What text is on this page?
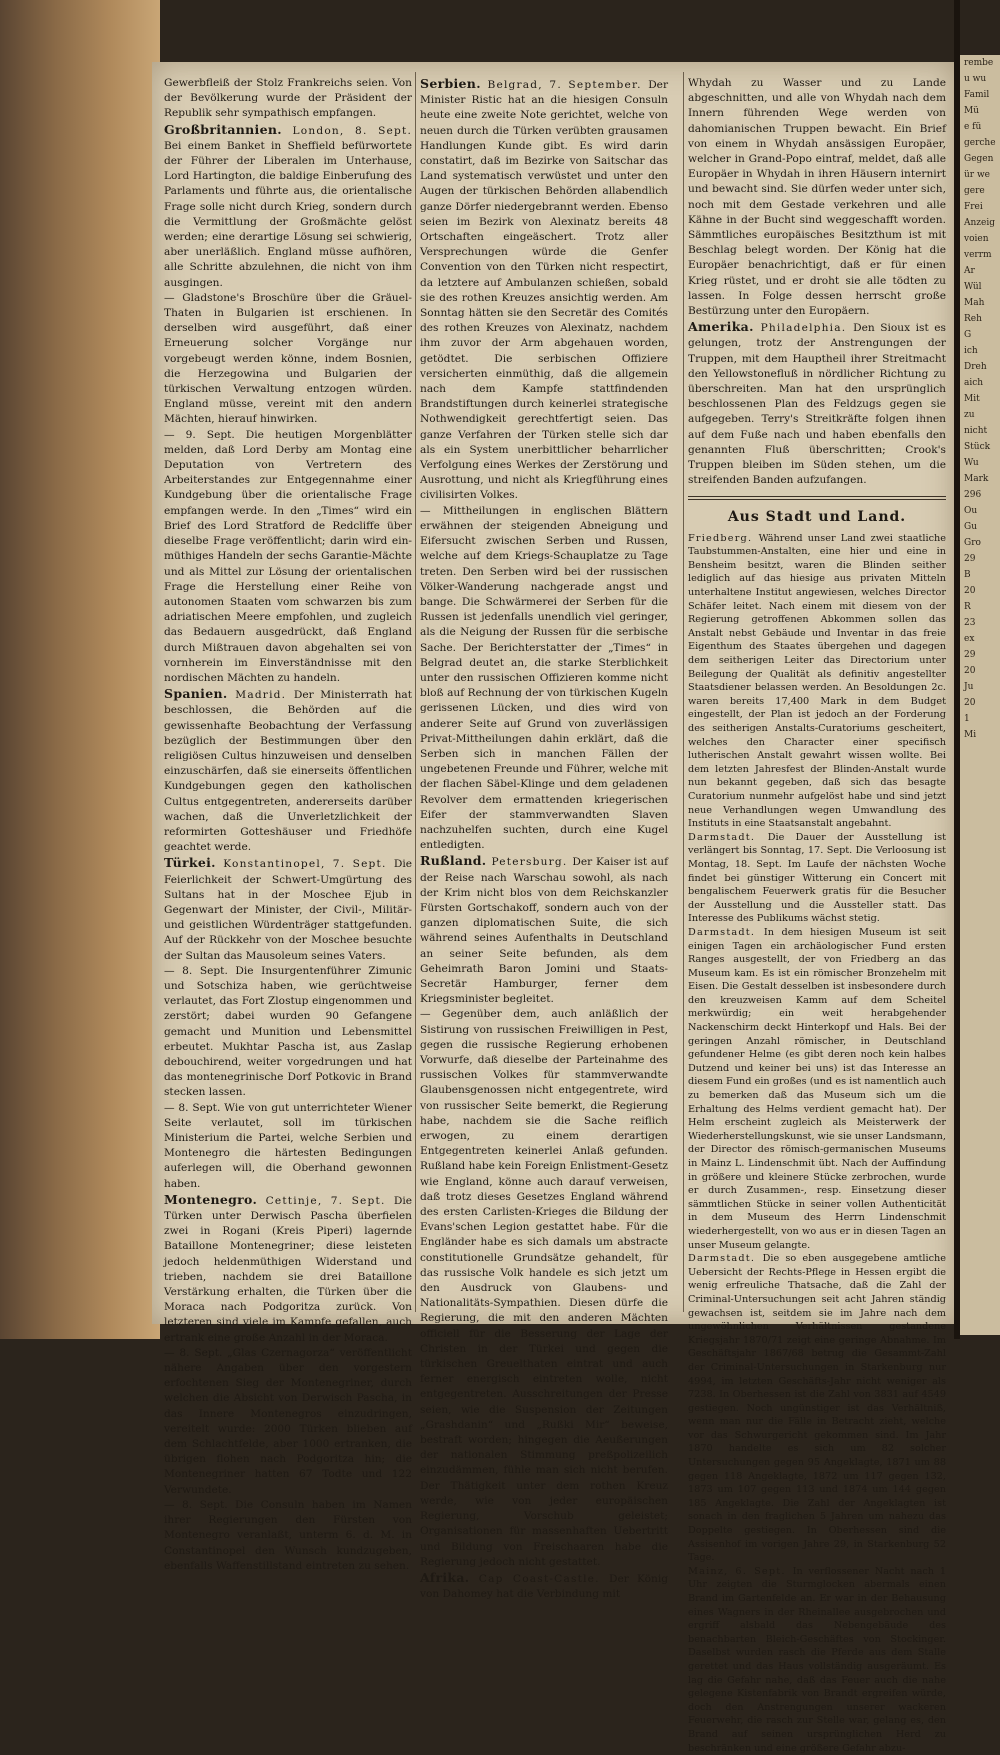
Gewerbfleiß der Stolz Frankreichs seien. Von der Bevölkerung wurde der Präsident der Republik sehr sympathisch empfangen.

Großbritannien. London, 8. Sept. Bei einem Banket in Sheffield befürwortete der Führer der Liberalen im Unterhause, Lord Hartington, die baldige Einberufung des Parlaments und führte aus, die orientalische Frage solle nicht durch Krieg, sondern durch die Vermittlung der Großmächte gelöst werden; eine derartige Lösung sei schwierig, aber unerläßlich. England müsse aufhören, alle Schritte abzulehnen, die nicht von ihm ausgingen.

— Gladstone's Broschüre über die Gräuel-Thaten in Bulgarien ist erschienen. In derselben wird ausgeführt, daß einer Erneuerung solcher Vorgänge nur vorgebeugt werden könne, indem Bosnien, die Herzegowina und Bulgarien der türkischen Verwaltung entzogen würden. England müsse, vereint mit den andern Mächten, hierauf hinwirken.

— 9. Sept. Die heutigen Morgenblätter melden, daß Lord Derby am Montag eine Deputation von Vertretern des Arbeiterstandes zur Entgegennahme einer Kundgebung über die orientalische Frage empfangen werde. In den „Times“ wird ein Brief des Lord Stratford de Redcliffe über dieselbe Frage veröffentlicht; darin wird ein-müthiges Handeln der sechs Garantie-Mächte und als Mittel zur Lösung der orientalischen Frage die Herstellung einer Reihe von autonomen Staaten vom schwarzen bis zum adriatischen Meere empfohlen, und zugleich das Bedauern ausgedrückt, daß England durch Mißtrauen davon abgehalten sei von vornherein im Einverständnisse mit den nordischen Mächten zu handeln.

Spanien. Madrid. Der Ministerrath hat beschlossen, die Behörden auf die gewissenhafte Beobachtung der Verfassung bezüglich der Bestimmungen über den religiösen Cultus hinzuweisen und denselben einzuschärfen, daß sie einerseits öffentlichen Kundgebungen gegen den katholischen Cultus entgegentreten, andererseits darüber wachen, daß die Unverletzlichkeit der reformirten Gotteshäuser und Friedhöfe geachtet werde.

Türkei. Konstantinopel, 7. Sept. Die Feierlichkeit der Schwert-Umgürtung des Sultans hat in der Moschee Ejub in Gegenwart der Minister, der Civil-, Militär- und geistlichen Würdenträger stattgefunden. Auf der Rückkehr von der Moschee besuchte der Sultan das Mausoleum seines Vaters.

— 8. Sept. Die Insurgentenführer Zimunic und Sotschiza haben, wie gerüchtweise verlautet, das Fort Zlostup eingenommen und zerstört; dabei wurden 90 Gefangene gemacht und Munition und Lebensmittel erbeutet. Mukhtar Pascha ist, aus Zaslap debouchirend, weiter vorgedrungen und hat das montenegrinische Dorf Potkovic in Brand stecken lassen.

— 8. Sept. Wie von gut unterrichteter Wiener Seite verlautet, soll im türkischen Ministerium die Partei, welche Serbien und Montenegro die härtesten Bedingungen auferlegen will, die Oberhand gewonnen haben.

Montenegro. Cettinje, 7. Sept. Die Türken unter Derwisch Pascha überfielen zwei in Rogani (Kreis Piperi) lagernde Bataillone Montenegriner; diese leisteten jedoch heldenmüthigen Widerstand und trieben, nachdem sie drei Bataillone Verstärkung erhalten, die Türken über die Moraca nach Podgoritza zurück. Von letzteren sind viele im Kampfe gefallen, auch ertrank eine große Anzahl in der Moraca.

— 8. Sept. „Glas Czernagorza“ veröffentlicht nähere Angaben über den vorgestern erfochtenen Sieg der Montenegriner, durch welchen die Absicht von Derwisch Pascha, in das Innere Montenegros einzudringen, vereitelt wurde: 2000 Türken blieben auf dem Schlachtfelde, aber 1000 ertranken, die übrigen flohen nach Podgoritza hin; die Montenegriner hatten 67 Todte und 122 Verwundete.

— 8. Sept. Die Consuln haben im Namen ihrer Regierungen den Fürsten von Montenegro veranlaßt, unterm 6. d. M. in Constantinopel den Wunsch kundzugeben, ebenfalls Waffenstillstand eintreten zu sehen.

Serbien. Belgrad, 7. September. Der Minister Ristic hat an die hiesigen Consuln heute eine zweite Note gerichtet, welche von neuen durch die Türken verübten grausamen Handlungen Kunde gibt. Es wird darin constatirt, daß im Bezirke von Saitschar das Land systematisch verwüstet und unter den Augen der türkischen Behörden allabendlich ganze Dörfer niedergebrannt werden. Ebenso seien im Bezirk von Alexinatz bereits 48 Ortschaften eingeäschert. Trotz aller Versprechungen würde die Genfer Convention von den Türken nicht respectirt, da letztere auf Ambulanzen schießen, sobald sie des rothen Kreuzes ansichtig werden. Am Sonntag hätten sie den Secretär des Comités des rothen Kreuzes von Alexinatz, nachdem ihm zuvor der Arm abgehauen worden, getödtet. Die serbischen Offiziere versicherten einmüthig, daß die allgemein nach dem Kampfe stattfindenden Brandstiftungen durch keinerlei strategische Nothwendigkeit gerechtfertigt seien. Das ganze Verfahren der Türken stelle sich dar als ein System unerbittlicher beharrlicher Verfolgung eines Werkes der Zerstörung und Ausrottung, und nicht als Kriegführung eines civilisirten Volkes.

— Mittheilungen in englischen Blättern erwähnen der steigenden Abneigung und Eifersucht zwischen Serben und Russen, welche auf dem Kriegs-Schauplatze zu Tage treten. Den Serben wird bei der russischen Völker-Wanderung nachgerade angst und bange. Die Schwärmerei der Serben für die Russen ist jedenfalls unendlich viel geringer, als die Neigung der Russen für die serbische Sache. Der Berichterstatter der „Times“ in Belgrad deutet an, die starke Sterblichkeit unter den russischen Offizieren komme nicht bloß auf Rechnung der von türkischen Kugeln gerissenen Lücken, und dies wird von anderer Seite auf Grund von zuverlässigen Privat-Mittheilungen dahin erklärt, daß die Serben sich in manchen Fällen der ungebetenen Freunde und Führer, welche mit der flachen Säbel-Klinge und dem geladenen Revolver dem ermattenden kriegerischen Eifer der stammverwandten Slaven nachzuhelfen suchten, durch eine Kugel entledigten.

Rußland. Petersburg. Der Kaiser ist auf der Reise nach Warschau sowohl, als nach der Krim nicht blos von dem Reichskanzler Fürsten Gortschakoff, sondern auch von der ganzen diplomatischen Suite, die sich während seines Aufenthalts in Deutschland an seiner Seite befunden, als dem Geheimrath Baron Jomini und Staats-Secretär Hamburger, ferner dem Kriegsminister begleitet.

— Gegenüber dem, auch anläßlich der Sistirung von russischen Freiwilligen in Pest, gegen die russische Regierung erhobenen Vorwurfe, daß dieselbe der Parteinahme des russischen Volkes für stammverwandte Glaubensgenossen nicht entgegentrete, wird von russischer Seite bemerkt, die Regierung habe, nachdem sie die Sache reiflich erwogen, zu einem derartigen Entgegentreten keinerlei Anlaß gefunden. Rußland habe kein Foreign Enlistment-Gesetz wie England, könne auch darauf verweisen, daß trotz dieses Gesetzes England während des ersten Carlisten-Krieges die Bildung der Evans'schen Legion gestattet habe. Für die Engländer habe es sich damals um abstracte constitutionelle Grundsätze gehandelt, für das russische Volk handele es sich jetzt um den Ausdruck von Glaubens- und Nationalitäts-Sympathien. Diesen dürfe die Regierung, die mit den anderen Mächten officiell für die Besserung der Lage der Christen in der Türkei und gegen die türkischen Greuelthaten eintrat und auch ferner energisch eintreten wolle, nicht entgegentreten. Ausschreitungen der Presse seien, wie die Suspension der Zeitungen „Grashdanin“ und „Rußki Mir“ beweise, bestraft worden; hingegen die Aeußerungen der nationalen Stimmung preßpolizeilich einzudämmen, fühle man sich nicht berufen. Der Thätigkeit unter dem rothen Kreuz werde, wie von jeder europäischen Regierung, Vorschub geleistet; Organisationen für massenhaften Uebertritt und Bildung von Freischaaren habe die Regierung jedoch nicht gestattet.

Afrika. Cap Coast-Castle. Der König von Dahomey hat die Verbindung mit

Whydah zu Wasser und zu Lande abgeschnitten, und alle von Whydah nach dem Innern führenden Wege werden von dahomianischen Truppen bewacht. Ein Brief von einem in Whydah ansässigen Europäer, welcher in Grand-Popo eintraf, meldet, daß alle Europäer in Whydah in ihren Häusern internirt und bewacht sind. Sie dürfen weder unter sich, noch mit dem Gestade verkehren und alle Kähne in der Bucht sind weggeschafft worden. Sämmtliches europäisches Besitzthum ist mit Beschlag belegt worden. Der König hat die Europäer benachrichtigt, daß er für einen Krieg rüstet, und er droht sie alle tödten zu lassen. In Folge dessen herrscht große Bestürzung unter den Europäern.

Amerika. Philadelphia. Den Sioux ist es gelungen, trotz der Anstrengungen der Truppen, mit dem Hauptheil ihrer Streitmacht den Yellowstonefluß in nördlicher Richtung zu überschreiten. Man hat den ursprünglich beschlossenen Plan des Feldzugs gegen sie aufgegeben. Terry's Streitkräfte folgen ihnen auf dem Fuße nach und haben ebenfalls den genannten Fluß überschritten; Crook's Truppen bleiben im Süden stehen, um die streifenden Banden aufzufangen.

Aus Stadt und Land.

Friedberg. Während unser Land zwei staatliche Taubstummen-Anstalten, eine hier und eine in Bensheim besitzt, waren die Blinden seither lediglich auf das hiesige aus privaten Mitteln unterhaltene Institut angewiesen, welches Director Schäfer leitet. Nach einem mit diesem von der Regierung getroffenen Abkommen sollen das Anstalt nebst Gebäude und Inventar in das freie Eigenthum des Staates übergehen und dagegen dem seitherigen Leiter das Directorium unter Beilegung der Qualität als definitiv angestellter Staatsdiener belassen werden. An Besoldungen 2c. waren bereits 17,400 Mark in dem Budget eingestellt, der Plan ist jedoch an der Forderung des seitherigen Anstalts-Curatoriums gescheitert, welches den Character einer specifisch lutherischen Anstalt gewahrt wissen wollte. Bei dem letzten Jahresfest der Blinden-Anstalt wurde nun bekannt gegeben, daß sich das besagte Curatorium nunmehr aufgelöst habe und sind jetzt neue Verhandlungen wegen Umwandlung des Instituts in eine Staatsanstalt angebahnt.

Darmstadt. Die Dauer der Ausstellung ist verlängert bis Sonntag, 17. Sept. Die Verloosung ist Montag, 18. Sept. Im Laufe der nächsten Woche findet bei günstiger Witterung ein Concert mit bengalischem Feuerwerk gratis für die Besucher der Ausstellung und die Aussteller statt. Das Interesse des Publikums wächst stetig.

Darmstadt. In dem hiesigen Museum ist seit einigen Tagen ein archäologischer Fund ersten Ranges ausgestellt, der von Friedberg an das Museum kam. Es ist ein römischer Bronzehelm mit Eisen. Die Gestalt desselben ist insbesondere durch den kreuzweisen Kamm auf dem Scheitel merkwürdig; ein weit herabgehender Nackenschirm deckt Hinterkopf und Hals. Bei der geringen Anzahl römischer, in Deutschland gefundener Helme (es gibt deren noch kein halbes Dutzend und keiner bei uns) ist das Interesse an diesem Fund ein großes (und es ist namentlich auch zu bemerken daß das Museum sich um die Erhaltung des Helms verdient gemacht hat). Der Helm erscheint zugleich als Meisterwerk der Wiederherstellungskunst, wie sie unser Landsmann, der Director des römisch-germanischen Museums in Mainz L. Lindenschmit übt. Nach der Auffindung in größere und kleinere Stücke zerbrochen, wurde er durch Zusammen-, resp. Einsetzung dieser sämmtlichen Stücke in seiner vollen Authenticität in dem Museum des Herrn Lindenschmit wiederhergestellt, von wo aus er in diesen Tagen an unser Museum gelangte.

Darmstadt. Die so eben ausgegebene amtliche Uebersicht der Rechts-Pflege in Hessen ergibt die wenig erfreuliche Thatsache, daß die Zahl der Criminal-Untersuchungen seit acht Jahren ständig gewachsen ist, seitdem sie im Jahre nach dem ungewöhnlichen Verhältnissen gestandene Kriegsjahr 1870/71 zeigt eine geringe Abnahme. Im Geschäftsjahr 1867/68 betrug die Gesammt-Zahl der Criminal-Untersuchungen in Starkenburg nur 4994, im letzten Geschäfts-Jahr nicht weniger als 7238. In Oberhessen ist die Zahl von 3831 auf 4549 gestiegen. Noch ungünstiger ist das Verhältniß, wenn man nur die Fälle in Betracht zieht, welche vor das Schwurgericht gekommen sind. Im Jahr 1870 handelte es sich um 82 solcher Untersuchungen gegen 95 Angeklagte, 1871 um 88 gegen 118 Angeklagte, 1872 um 117 gegen 132, 1873 um 107 gegen 113 und 1874 um 144 gegen 185 Angeklagte. Die Zahl der Angeklagten ist sonach in den fraglichen 5 Jahren um nahezu das Doppelte gestiegen. In Oberhessen sind die Assisenhof im vorigen Jahre 29, in Starkenburg 52 Tage.

Mainz, 6. Sept. In verflossener Nacht nach 1 Uhr zeigten die Sturmglocken abermals einen Brand im Gartenfelde an. Er war in der Behausung eines Wagners in der Rheinallee ausgebrochen und ergriff alsbald das Nebengebäude des benachbarten Bleich-Geschäftes von Stockinger. Daselbst wurden rasch die Pferde aus dem Stalle gerettet und das Haus vollständig ausgeräumt. Es lag die Gefahr nahe, daß das Feuer auch die nahe gelegene Kistenfabrik von Brandt ergreifen würde, doch den Anstrengungen unserer wackeren Feuerwehr, die rasch zur Stelle war, gelang es, den Brand auf seinen ursprünglichen Herd zu beschränken und eine größere Gefahr abzu-

rembe
u wu
Famil
Mü
e fü
gerche
Gegen
ür we
gere
Frei
Anzeig
voien
verrm
Ar
Wül
Mah
Reh
G
ich
Dreh
aich
Mit
zu
nicht
Stück
Wu
Mark
296
Ou
Gu
Gro
29
B
20
R
23
ex
29
20
Ju
20
1
Mi
